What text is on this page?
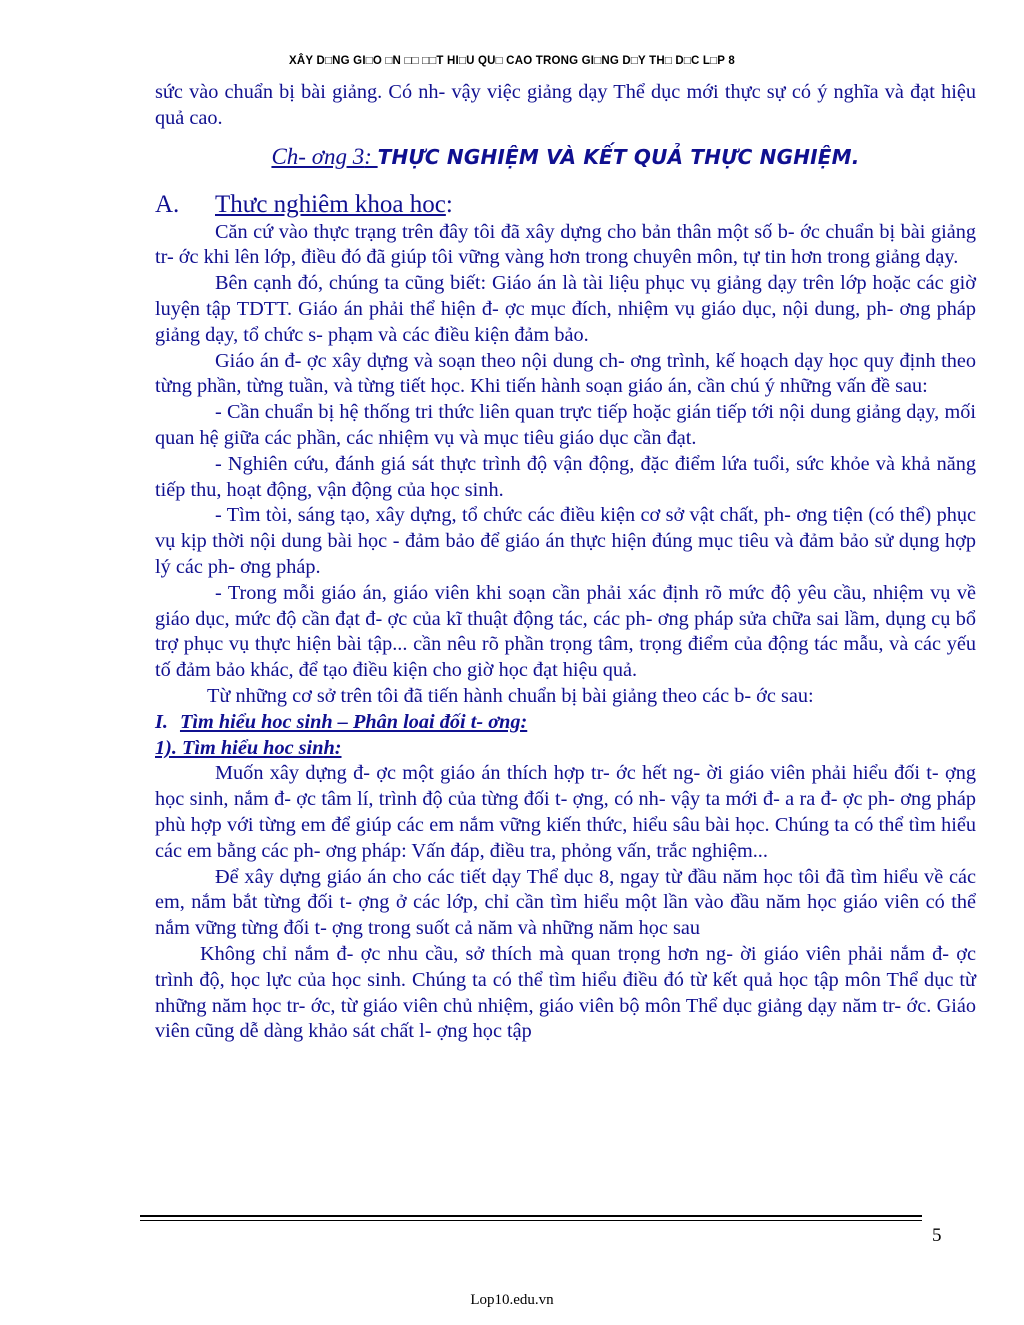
XÂY D□NG GI□O □N □□ □□T HI□U QU□ CAO TRONG GI□NG D□Y TH□ D□C L□P 8

sức vào chuẩn bị bài giảng. Có nh- vậy việc giảng dạy Thể dục mới thực sự có ý nghĩa và đạt hiệu quả cao.

Ch- ơng 3: THỰC NGHIỆM VÀ KẾT QUẢ THỰC NGHIỆM.

A. Thưc nghiêm khoa hoc:

Căn cứ vào thực trạng trên đây tôi đã xây dựng cho bản thân một số b- ớc chuẩn bị bài giảng tr- ớc khi lên lớp, điều đó đã giúp tôi vững vàng hơn trong chuyên môn, tự tin hơn trong giảng dạy.

Bên cạnh đó, chúng ta cũng biết: Giáo án là tài liệu phục vụ giảng dạy trên lớp hoặc các giờ luyện tập TDTT. Giáo án phải thể hiện đ- ợc mục đích, nhiệm vụ giáo dục, nội dung, ph- ơng pháp giảng dạy, tổ chức s- phạm và các điều kiện đảm bảo.

Giáo án đ- ợc xây dựng và soạn theo nội dung ch- ơng trình, kế hoạch dạy học quy định theo từng phần, từng tuần, và từng tiết học. Khi tiến hành soạn giáo án, cần chú ý những vấn đề sau:

- Cần chuẩn bị hệ thống tri thức liên quan trực tiếp hoặc gián tiếp tới nội dung giảng dạy, mối quan hệ giữa các phần, các nhiệm vụ và mục tiêu giáo dục cần đạt.

- Nghiên cứu, đánh giá sát thực trình độ vận động, đặc điểm lứa tuổi, sức khỏe và khả năng tiếp thu, hoạt động, vận động của học sinh.

- Tìm tòi, sáng tạo, xây dựng, tổ chức các điều kiện cơ sở vật chất, ph- ơng tiện (có thể) phục vụ kịp thời nội dung bài học - đảm bảo để giáo án thực hiện đúng mục tiêu và đảm bảo sử dụng hợp lý các ph- ơng pháp.

- Trong mỗi giáo án, giáo viên khi soạn cần phải xác định rõ mức độ yêu cầu, nhiệm vụ về giáo dục, mức độ cần đạt đ- ợc của kĩ thuật động tác, các ph- ơng pháp sửa chữa sai lầm, dụng cụ bổ trợ phục vụ thực hiện bài tập... cần nêu rõ phần trọng tâm, trọng điểm của động tác mẫu, và các yếu tố đảm bảo khác, để tạo điều kiện cho giờ học đạt hiệu quả.

Từ những cơ sở trên tôi đã tiến hành chuẩn bị bài giảng theo các b- ớc sau:

I. Tìm hiểu hoc sinh – Phân loai đối t- ơng:

1). Tìm hiểu hoc sinh:

Muốn xây dựng đ- ợc một giáo án thích hợp tr- ớc hết ng- ời giáo viên phải hiểu đối t- ợng học sinh, nắm đ- ợc tâm lí, trình độ của từng đối t- ợng, có nh- vậy ta mới đ- a ra đ- ợc ph- ơng pháp phù hợp với từng em để giúp các em nắm vững kiến thức, hiểu sâu bài học. Chúng ta có thể tìm hiểu các em bằng các ph- ơng pháp: Vấn đáp, điều tra, phỏng vấn, trắc nghiệm...

Để xây dựng giáo án cho các tiết dạy Thể dục 8, ngay từ đầu năm học tôi đã tìm hiểu về các em, nắm bắt từng đối t- ợng ở các lớp, chỉ cần tìm hiểu một lần vào đầu năm học giáo viên có thể nắm vững từng đối t- ợng trong suốt cả năm và những năm học sau

Không chỉ nắm đ- ợc nhu cầu, sở thích mà quan trọng hơn ng- ời giáo viên phải nắm đ- ợc trình độ, học lực của học sinh. Chúng ta có thể tìm hiểu điều đó từ kết quả học tập môn Thể dục từ những năm học tr- ớc, từ giáo viên chủ nhiệm, giáo viên bộ môn Thể dục giảng dạy năm tr- ớc. Giáo viên cũng dễ dàng khảo sát chất l- ợng học tập

5
Lop10.edu.vn
